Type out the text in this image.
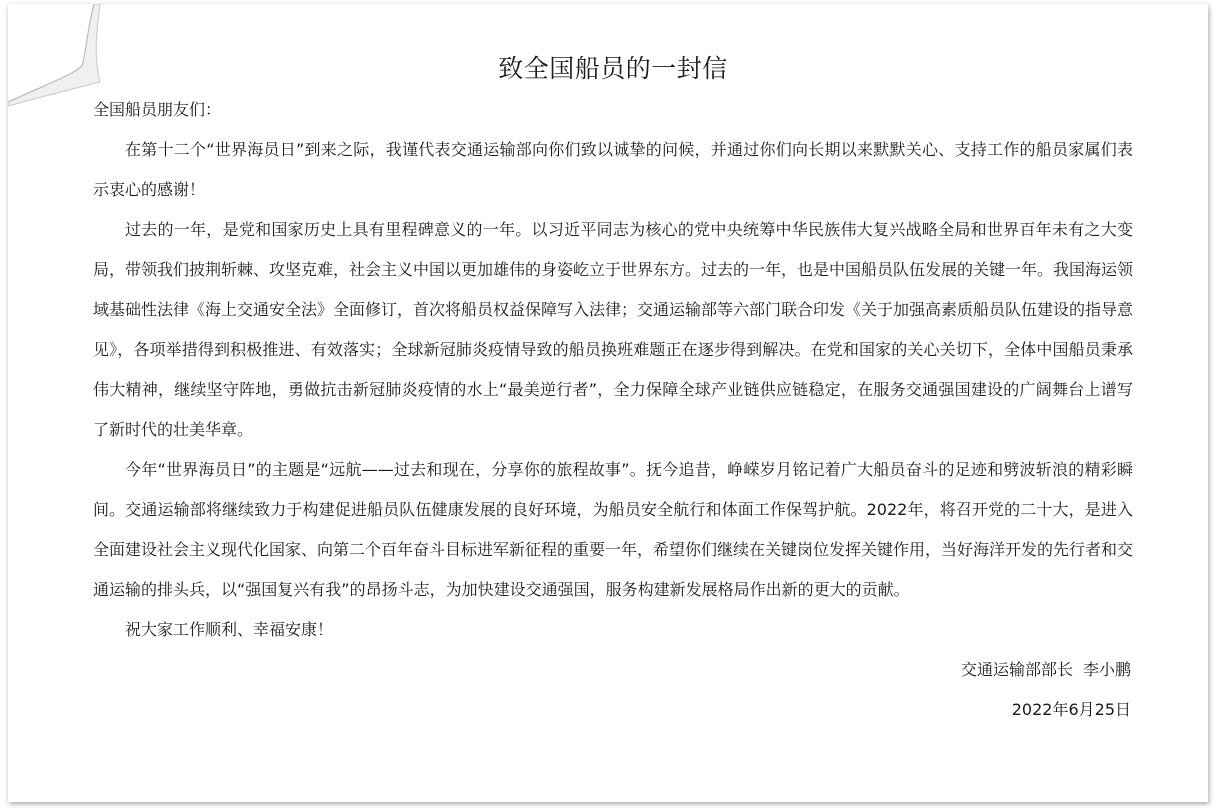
致全国船员的一封信

全国船员朋友们：

在第十二个“世界海员日”到来之际，我谨代表交通运输部向你们致以诚挚的问候，并通过你们向长期以来默默关心、支持工作的船员家属们表示衷心的感谢！

过去的一年，是党和国家历史上具有里程碑意义的一年。以习近平同志为核心的党中央统筹中华民族伟大复兴战略全局和世界百年未有之大变局，带领我们披荆斩棘、攻坚克难，社会主义中国以更加雄伟的身姿屹立于世界东方。过去的一年，也是中国船员队伍发展的关键一年。我国海运领域基础性法律《海上交通安全法》全面修订，首次将船员权益保障写入法律；交通运输部等六部门联合印发《关于加强高素质船员队伍建设的指导意见》，各项举措得到积极推进、有效落实；全球新冠肺炎疫情导致的船员换班难题正在逐步得到解决。在党和国家的关心关切下，全体中国船员秉承伟大精神，继续坚守阵地，勇做抗击新冠肺炎疫情的水上“最美逆行者”，全力保障全球产业链供应链稳定，在服务交通强国建设的广阔舞台上谱写了新时代的壮美华章。

今年“世界海员日”的主题是“远航——过去和现在，分享你的旅程故事”。抚今追昔，峥嵘岁月铭记着广大船员奋斗的足迹和劈波斩浪的精彩瞬间。交通运输部将继续致力于构建促进船员队伍健康发展的良好环境，为船员安全航行和体面工作保驾护航。2022年，将召开党的二十大，是进入全面建设社会主义现代化国家、向第二个百年奋斗目标进军新征程的重要一年，希望你们继续在关键岗位发挥关键作用，当好海洋开发的先行者和交通运输的排头兵，以“强国复兴有我”的昂扬斗志，为加快建设交通强国，服务构建新发展格局作出新的更大的贡献。

祝大家工作顺利、幸福安康！

交通运输部部长 李小鹏

2022年6月25日
